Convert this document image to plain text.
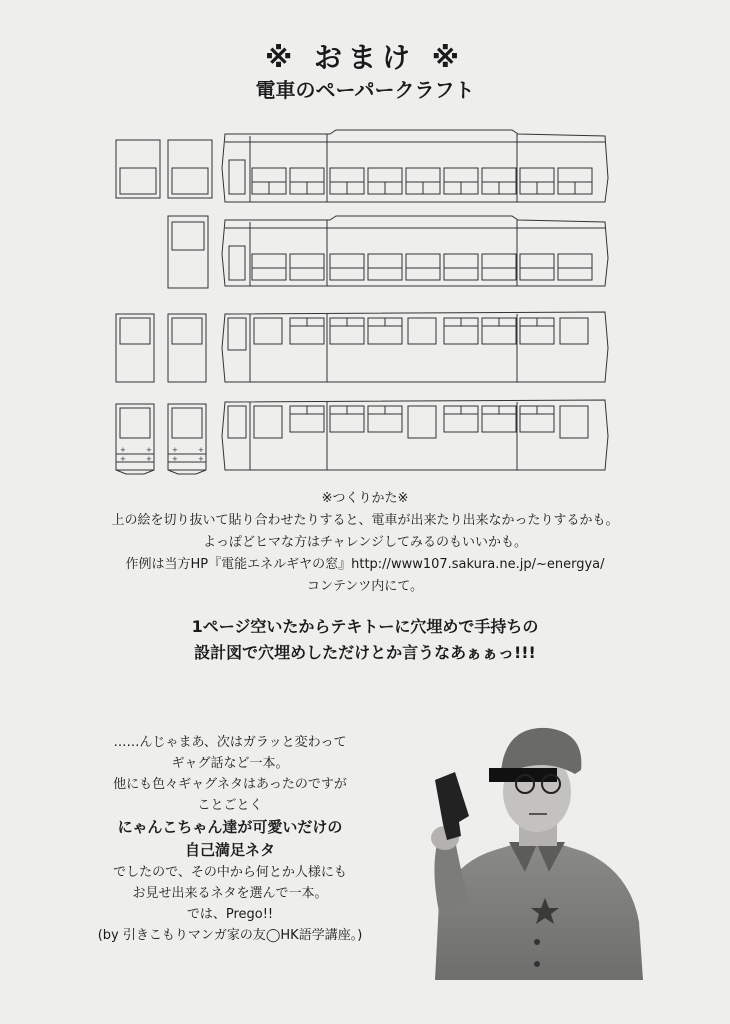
※ おまけ ※
電車のペーパークラフト
+	+
+	+
+	+
+	+
※つくりかた※
上の絵を切り抜いて貼り合わせたりすると、電車が出来たり出来なかったりするかも。
よっぽどヒマな方はチャレンジしてみるのもいいかも。
作例は当方HP『電能エネルギヤの窓』http://www107.sakura.ne.jp/~energya/
コンテンツ内にて。
1ページ空いたからテキトーに穴埋めで手持ちの
設計図で穴埋めしただけとか言うなあぁぁっ!!!
……んじゃまあ、次はガラッと変わって
ギャグ話など一本。
他にも色々ギャグネタはあったのですが
ことごとく
にゃんこちゃん達が可愛いだけの
自己満足ネタ
でしたので、その中から何とか人様にも
お見せ出来るネタを選んで一本。
では、Prego!!
(by 引きこもりマンガ家の友◯HK語学講座。)
